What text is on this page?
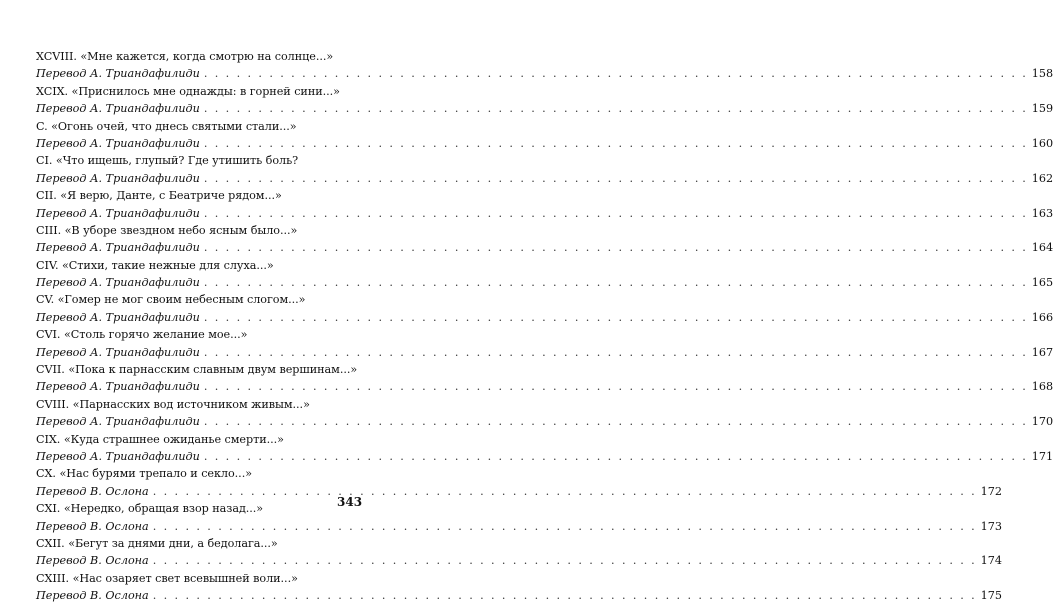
XCVIII. «Мне кажется, когда смотрю на солнце...»
Перевод А. Триандафилиди . . .	158
XCIX. «Приснилось мне однажды: в горней сини...»
Перевод А. Триандафилиди . . .	159
C. «Огонь очей, что днесь святыми стали...»
Перевод А. Триандафилиди . . .	160
CI. «Что ищешь, глупый? Где утишить боль?
Перевод А. Триандафилиди . . .	162
CII. «Я верю, Данте, с Беатриче рядом...»
Перевод А. Триандафилиди . . .	163
CIII. «В уборе звездном небо ясным было...»
Перевод А. Триандафилиди . . .	164
CIV. «Стихи, такие нежные для слуха...»
Перевод А. Триандафилиди . . .	165
CV. «Гомер не мог своим небесным слогом...»
Перевод А. Триандафилиди . . .	166
CVI. «Столь горячо желание мое...»
Перевод А. Триандафилиди . . .	167
CVII. «Пока к парнасским славным двум вершинам...»
Перевод А. Триандафилиди . . .	168
CVIII. «Парнасских вод источником живым...»
Перевод А. Триандафилиди . . .	170
CIX. «Куда страшнее ожиданье смерти...»
Перевод А. Триандафилиди . . .	171
CX. «Нас бурями трепало и секло...»
Перевод В. Ослона . . .	172
CXI. «Нередко, обращая взор назад...»
Перевод В. Ослона . . .	173
CXII. «Бегут за днями дни, а бедолага...»
Перевод В. Ослона . . .	174
CXIII. «Нас озаряет свет всевышней воли...»
Перевод В. Ослона . . .	175
343
